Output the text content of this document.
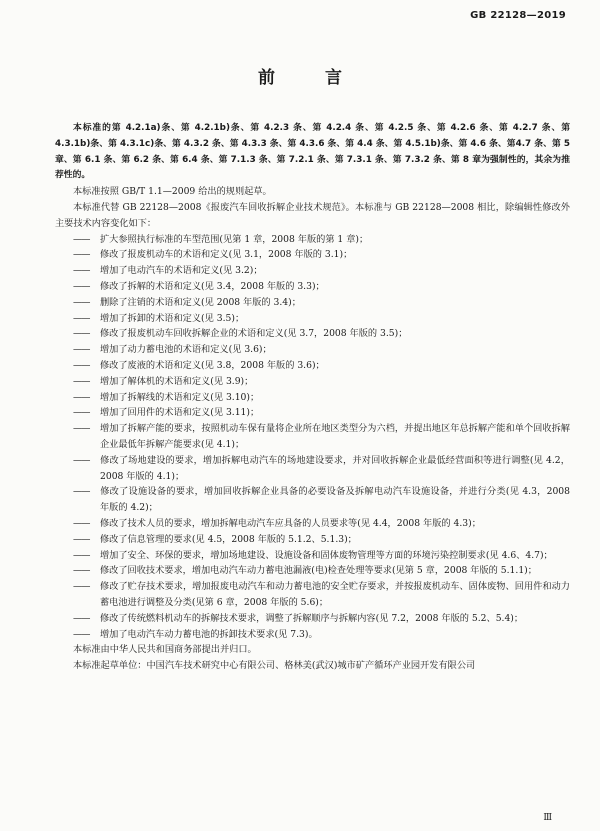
GB 22128—2019
前 言

本标准的第 4.2.1a)条、第 4.2.1b)条、第 4.2.3 条、第 4.2.4 条、第 4.2.5 条、第 4.2.6 条、第 4.2.7 条、第 4.3.1b)条、第 4.3.1c)条、第 4.3.2 条、第 4.3.3 条、第 4.3.6 条、第 4.4 条、第 4.5.1b)条、第 4.6 条、第4.7 条、第 5 章、第 6.1 条、第 6.2 条、第 6.4 条、第 7.1.3 条、第 7.2.1 条、第 7.3.1 条、第 7.3.2 条、第 8 章为强制性的，其余为推荐性的。

本标准按照 GB/T 1.1—2009 给出的规则起草。

本标准代替 GB 22128—2008《报废汽车回收拆解企业技术规范》。本标准与 GB 22128—2008 相比，除编辑性修改外主要技术内容变化如下：

—— 扩大参照执行标准的车型范围(见第 1 章，2008 年版的第 1 章)；

—— 修改了报废机动车的术语和定义(见 3.1，2008 年版的 3.1)；

—— 增加了电动汽车的术语和定义(见 3.2)；

—— 修改了拆解的术语和定义(见 3.4，2008 年版的 3.3)；

—— 删除了注销的术语和定义(见 2008 年版的 3.4)；

—— 增加了拆卸的术语和定义(见 3.5)；

—— 修改了报废机动车回收拆解企业的术语和定义(见 3.7，2008 年版的 3.5)；

—— 增加了动力蓄电池的术语和定义(见 3.6)；

—— 修改了废液的术语和定义(见 3.8，2008 年版的 3.6)；

—— 增加了解体机的术语和定义(见 3.9)；

—— 增加了拆解线的术语和定义(见 3.10)；

—— 增加了回用件的术语和定义(见 3.11)；

—— 增加了拆解产能的要求，按照机动车保有量将企业所在地区类型分为六档，并提出地区年总拆解产能和单个回收拆解企业最低年拆解产能要求(见 4.1)；

—— 修改了场地建设的要求，增加拆解电动汽车的场地建设要求，并对回收拆解企业最低经营面积等进行调整(见 4.2，2008 年版的 4.1)；

—— 修改了设施设备的要求，增加回收拆解企业具备的必要设备及拆解电动汽车设施设备，并进行分类(见 4.3，2008 年版的 4.2)；

—— 修改了技术人员的要求，增加拆解电动汽车应具备的人员要求等(见 4.4，2008 年版的 4.3)；

—— 修改了信息管理的要求(见 4.5，2008 年版的 5.1.2、5.1.3)；

—— 增加了安全、环保的要求，增加场地建设、设施设备和固体废物管理等方面的环境污染控制要求(见 4.6、4.7)；

—— 修改了回收技术要求，增加电动汽车动力蓄电池漏液(电)检查处理等要求(见第 5 章，2008 年版的 5.1.1)；

—— 修改了贮存技术要求，增加报废电动汽车和动力蓄电池的安全贮存要求，并按报废机动车、固体废物、回用件和动力蓄电池进行调整及分类(见第 6 章，2008 年版的 5.6)；

—— 修改了传统燃料机动车的拆解技术要求，调整了拆解顺序与拆解内容(见 7.2，2008 年版的 5.2、5.4)；

—— 增加了电动汽车动力蓄电池的拆卸技术要求(见 7.3)。

本标准由中华人民共和国商务部提出并归口。

本标准起草单位：中国汽车技术研究中心有限公司、格林美(武汉)城市矿产循环产业园开发有限公司

Ⅲ
